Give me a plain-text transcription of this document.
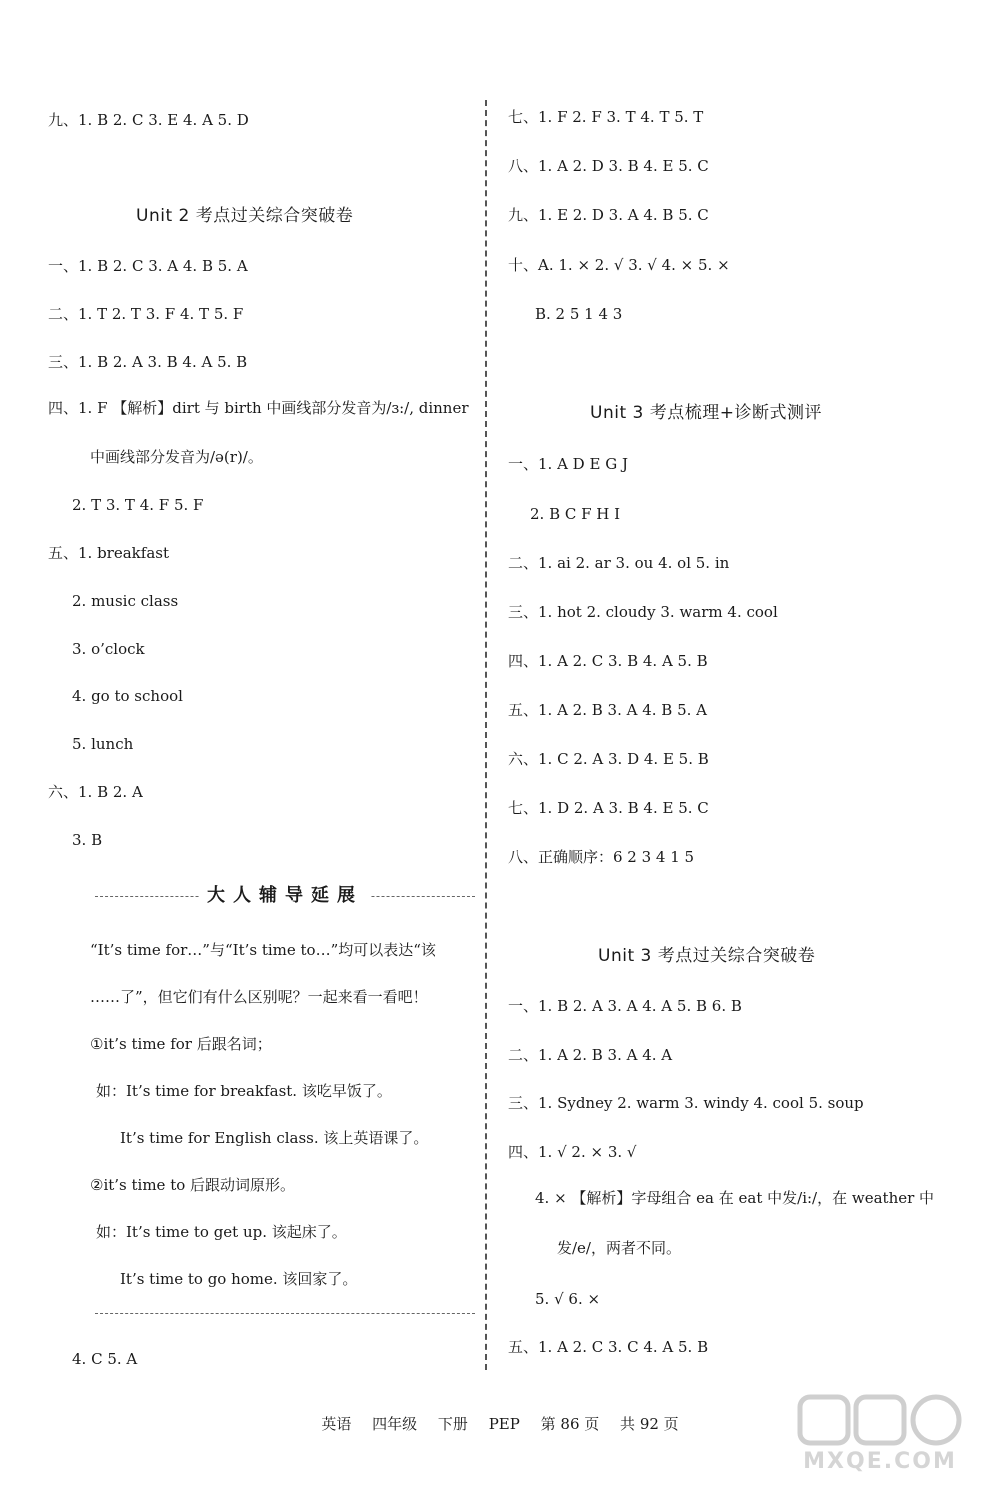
九、1. B 2. C 3. E 4. A 5. D
Unit 2 考点过关综合突破卷
一、1. B 2. C 3. A 4. B 5. A
二、1. T 2. T 3. F 4. T 5. F
三、1. B 2. A 3. B 4. A 5. B
四、1. F 【解析】dirt 与 birth 中画线部分发音为/ɜ:/, dinner
中画线部分发音为/ə(r)/。
2. T 3. T 4. F 5. F
五、1. breakfast
2. music class
3. o’clock
4. go to school
5. lunch
六、1. B 2. A
3. B
大人辅导延展
“It’s time for…”与“It’s time to…”均可以表达“该
……了”，但它们有什么区别呢？一起来看一看吧！
①it’s time for 后跟名词；
如：It’s time for breakfast. 该吃早饭了。
It’s time for English class. 该上英语课了。
②it’s time to 后跟动词原形。
如：It’s time to get up. 该起床了。
It’s time to go home. 该回家了。
4. C 5. A
七、1. F 2. F 3. T 4. T 5. T
八、1. A 2. D 3. B 4. E 5. C
九、1. E 2. D 3. A 4. B 5. C
十、A. 1. × 2. √ 3. √ 4. × 5. ×
B. 2 5 1 4 3
Unit 3 考点梳理+诊断式测评
一、1. A D E G J
2. B C F H I
二、1. ai 2. ar 3. ou 4. ol 5. in
三、1. hot 2. cloudy 3. warm 4. cool
四、1. A 2. C 3. B 4. A 5. B
五、1. A 2. B 3. A 4. B 5. A
六、1. C 2. A 3. D 4. E 5. B
七、1. D 2. A 3. B 4. E 5. C
八、正确顺序：6 2 3 4 1 5
Unit 3 考点过关综合突破卷
一、1. B 2. A 3. A 4. A 5. B 6. B
二、1. A 2. B 3. A 4. A
三、1. Sydney 2. warm 3. windy 4. cool 5. soup
四、1. √ 2. × 3. √
4. × 【解析】字母组合 ea 在 eat 中发/i:/，在 weather 中
发/e/，两者不同。
5. √ 6. ×
五、1. A 2. C 3. C 4. A 5. B
英语 四年级 下册 PEP 第 86 页 共 92 页
MXQE.COM
